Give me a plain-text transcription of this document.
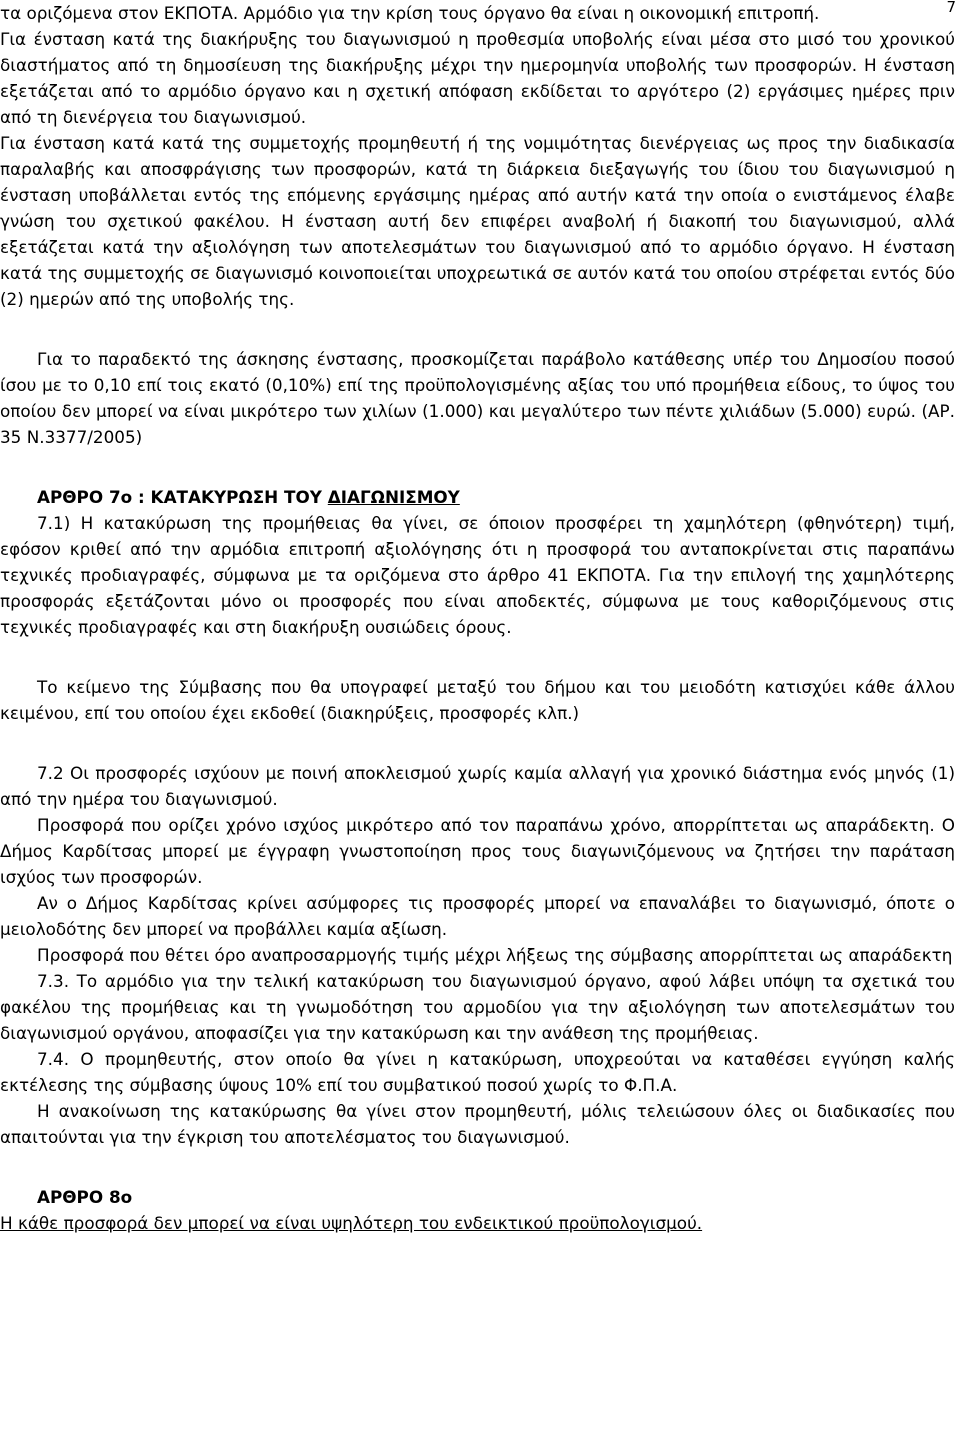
7

τα οριζόμενα στον ΕΚΠΟΤΑ. Αρμόδιο για την κρίση τους όργανο θα είναι η οικονομική επιτροπή.

Για ένσταση κατά της διακήρυξης του διαγωνισμού η προθεσμία υποβολής είναι μέσα στο μισό του χρονικού διαστήματος από τη δημοσίευση της διακήρυξης μέχρι την ημερομηνία υποβολής των προσφορών. Η ένσταση εξετάζεται από το αρμόδιο όργανο και η σχετική απόφαση εκδίδεται το αργότερο (2) εργάσιμες ημέρες πριν από τη διενέργεια του διαγωνισμού.

Για ένσταση κατά κατά της συμμετοχής προμηθευτή ή της νομιμότητας διενέργειας ως προς την διαδικασία παραλαβής και αποσφράγισης των προσφορών, κατά τη διάρκεια διεξαγωγής του ίδιου του διαγωνισμού η ένσταση υποβάλλεται εντός της επόμενης εργάσιμης ημέρας από αυτήν κατά την οποία ο ενιστάμενος έλαβε γνώση του σχετικού φακέλου. Η ένσταση αυτή δεν επιφέρει αναβολή ή διακοπή του διαγωνισμού, αλλά εξετάζεται κατά την αξιολόγηση των αποτελεσμάτων του διαγωνισμού από το αρμόδιο όργανο. Η ένσταση κατά της συμμετοχής σε διαγωνισμό κοινοποιείται υποχρεωτικά σε αυτόν κατά του οποίου στρέφεται εντός δύο (2) ημερών από της υποβολής της.

Για το παραδεκτό της άσκησης ένστασης, προσκομίζεται παράβολο κατάθεσης υπέρ του Δημοσίου ποσού ίσου με το 0,10 επί τοις εκατό (0,10%) επί της προϋπολογισμένης αξίας του υπό προμήθεια είδους, το ύψος του οποίου δεν μπορεί να είναι μικρότερο των χιλίων (1.000) και μεγαλύτερο των πέντε χιλιάδων (5.000) ευρώ. (ΑΡ. 35 Ν.3377/2005)

ΑΡΘΡΟ 7ο : ΚΑΤΑΚΥΡΩΣΗ ΤΟΥ ΔΙΑΓΩΝΙΣΜΟΥ

7.1) Η κατακύρωση της προμήθειας θα γίνει, σε όποιον προσφέρει τη χαμηλότερη (φθηνότερη) τιμή, εφόσον κριθεί από την αρμόδια επιτροπή αξιολόγησης ότι η προσφορά του ανταποκρίνεται στις παραπάνω τεχνικές προδιαγραφές, σύμφωνα με τα οριζόμενα στο άρθρο 41 ΕΚΠΟΤΑ. Για την επιλογή της χαμηλότερης προσφοράς εξετάζονται μόνο οι προσφορές που είναι αποδεκτές, σύμφωνα με τους καθοριζόμενους στις τεχνικές προδιαγραφές και στη διακήρυξη ουσιώδεις όρους.

Το κείμενο της Σύμβασης που θα υπογραφεί μεταξύ του δήμου και του μειοδότη κατισχύει κάθε άλλου κειμένου, επί του οποίου έχει εκδοθεί (διακηρύξεις, προσφορές κλπ.)

7.2 Οι προσφορές ισχύουν με ποινή αποκλεισμού χωρίς καμία αλλαγή για χρονικό διάστημα ενός μηνός (1) από την ημέρα του διαγωνισμού.

Προσφορά που ορίζει χρόνο ισχύος μικρότερο από τον παραπάνω χρόνο, απορρίπτεται ως απαράδεκτη. Ο Δήμος Καρδίτσας μπορεί με έγγραφη γνωστοποίηση προς τους διαγωνιζόμενους να ζητήσει την παράταση ισχύος των προσφορών.

Αν ο Δήμος Καρδίτσας κρίνει ασύμφορες τις προσφορές μπορεί να επαναλάβει το διαγωνισμό, όποτε ο μειολοδότης δεν μπορεί να προβάλλει καμία αξίωση.

Προσφορά που θέτει όρο αναπροσαρμογής τιμής μέχρι λήξεως της σύμβασης απορρίπτεται ως απαράδεκτη

7.3. Το αρμόδιο για την τελική κατακύρωση του διαγωνισμού όργανο, αφού λάβει υπόψη τα σχετικά του φακέλου της προμήθειας και τη γνωμοδότηση του αρμοδίου για την αξιολόγηση των αποτελεσμάτων του διαγωνισμού οργάνου, αποφασίζει για την κατακύρωση και την ανάθεση της προμήθειας.

7.4. Ο προμηθευτής, στον οποίο θα γίνει η κατακύρωση, υποχρεούται να καταθέσει εγγύηση καλής εκτέλεσης της σύμβασης ύψους 10% επί του συμβατικού ποσού χωρίς το Φ.Π.Α.

Η ανακοίνωση της κατακύρωσης θα γίνει στον προμηθευτή, μόλις τελειώσουν όλες οι διαδικασίες που απαιτούνται για την έγκριση του αποτελέσματος του διαγωνισμού.

ΑΡΘΡΟ 8ο

Η κάθε προσφορά δεν μπορεί να είναι υψηλότερη του ενδεικτικού προϋπολογισμού.
